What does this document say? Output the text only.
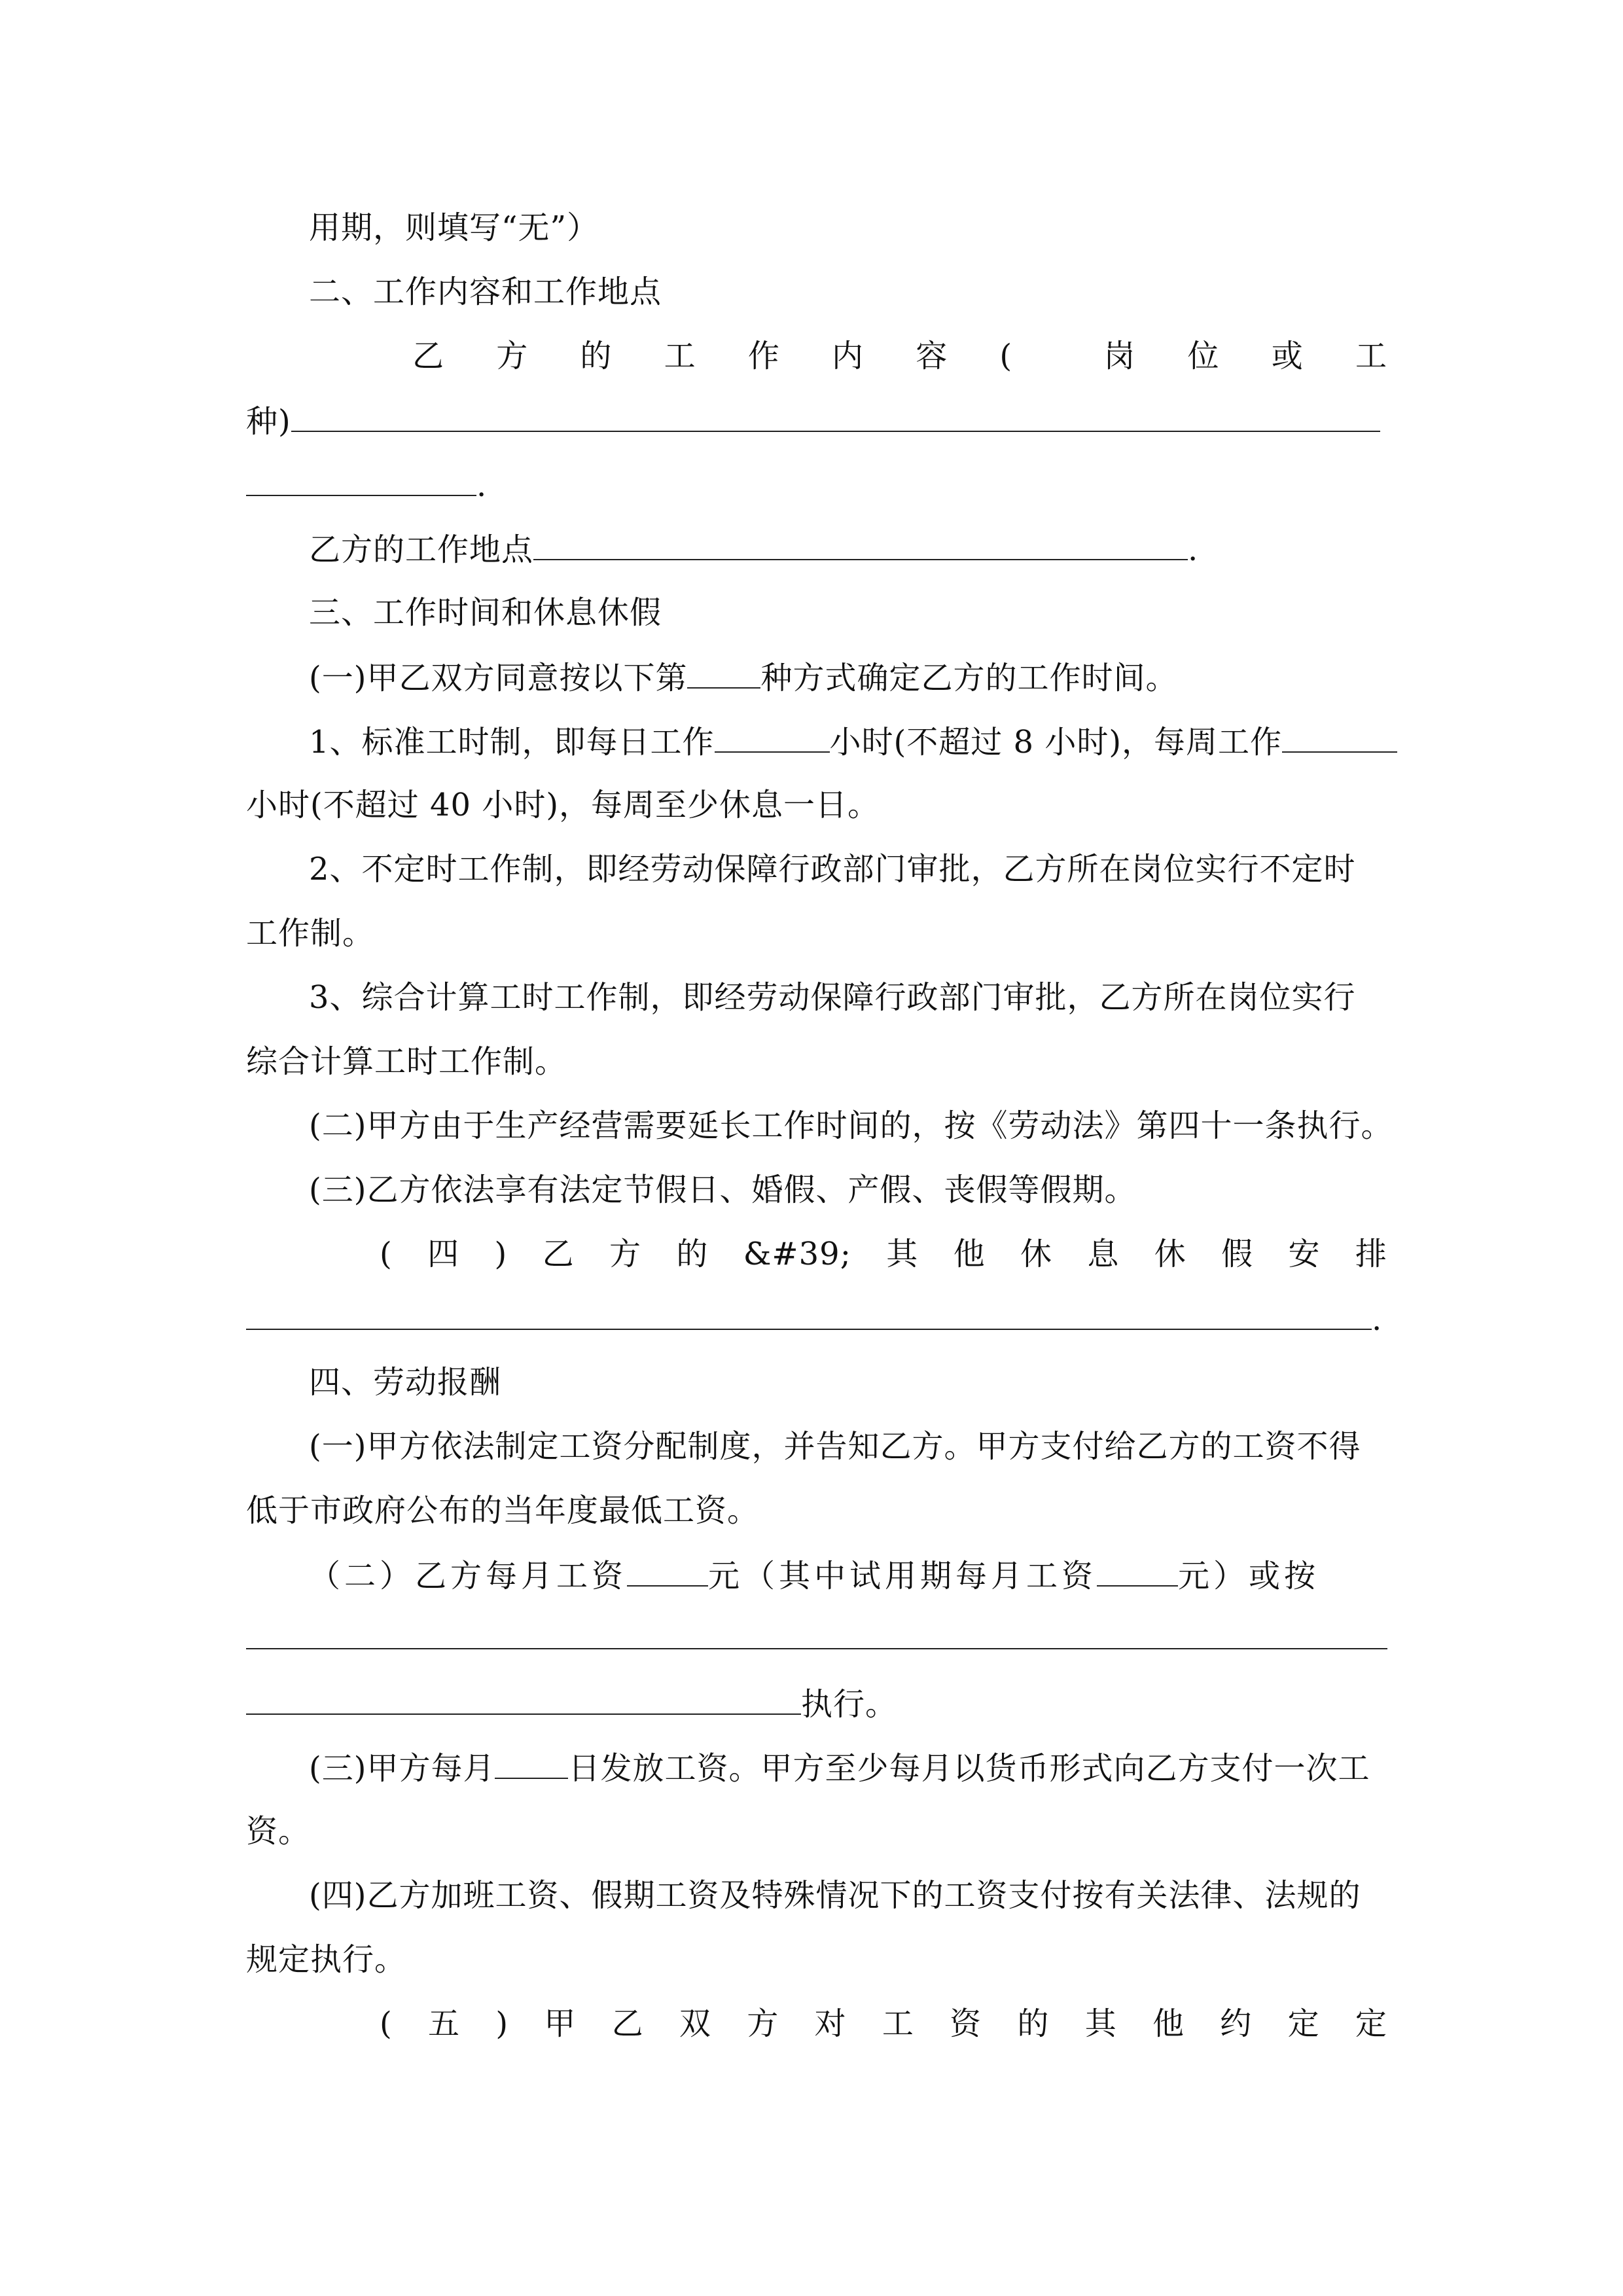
用期，则填写“无”）
二、工作内容和工作地点
乙 方 的 工 作 内 容 (	岗 位 或 工
种)
.
乙方的工作地点	.
三、工作时间和休息休假
(一)甲乙双方同意按以下第 种方式确定乙方的工作时间。
1、标准工时制，即每日工作	小时(不超过 8 小时)，每周工作
小时(不超过 40 小时)，每周至少休息一日。
2、不定时工作制，即经劳动保障行政部门审批，乙方所在岗位实行不定时
工作制。
3、综合计算工时工作制，即经劳动保障行政部门审批，乙方所在岗位实行
综合计算工时工作制。
(二)甲方由于生产经营需要延长工作时间的，按《劳动法》第四十一条执行。
(三)乙方依法享有法定节假日、婚假、产假、丧假等假期。
( 四 ) 乙 方 的 &#39; 其 他 休 息 休 假 安 排
.
四、劳动报酬
(一)甲方依法制定工资分配制度，并告知乙方。甲方支付给乙方的工资不得
低于市政府公布的当年度最低工资。
（二）乙方每月工资	元（其中试用期每月工资	元）或按
执行。
(三)甲方每月 日发放工资。甲方至少每月以货币形式向乙方支付一次工
资。
(四)乙方加班工资、假期工资及特殊情况下的工资支付按有关法律、法规的
规定执行。
( 五 ) 甲 乙 双 方 对 工 资 的 其 他 约 定 定
